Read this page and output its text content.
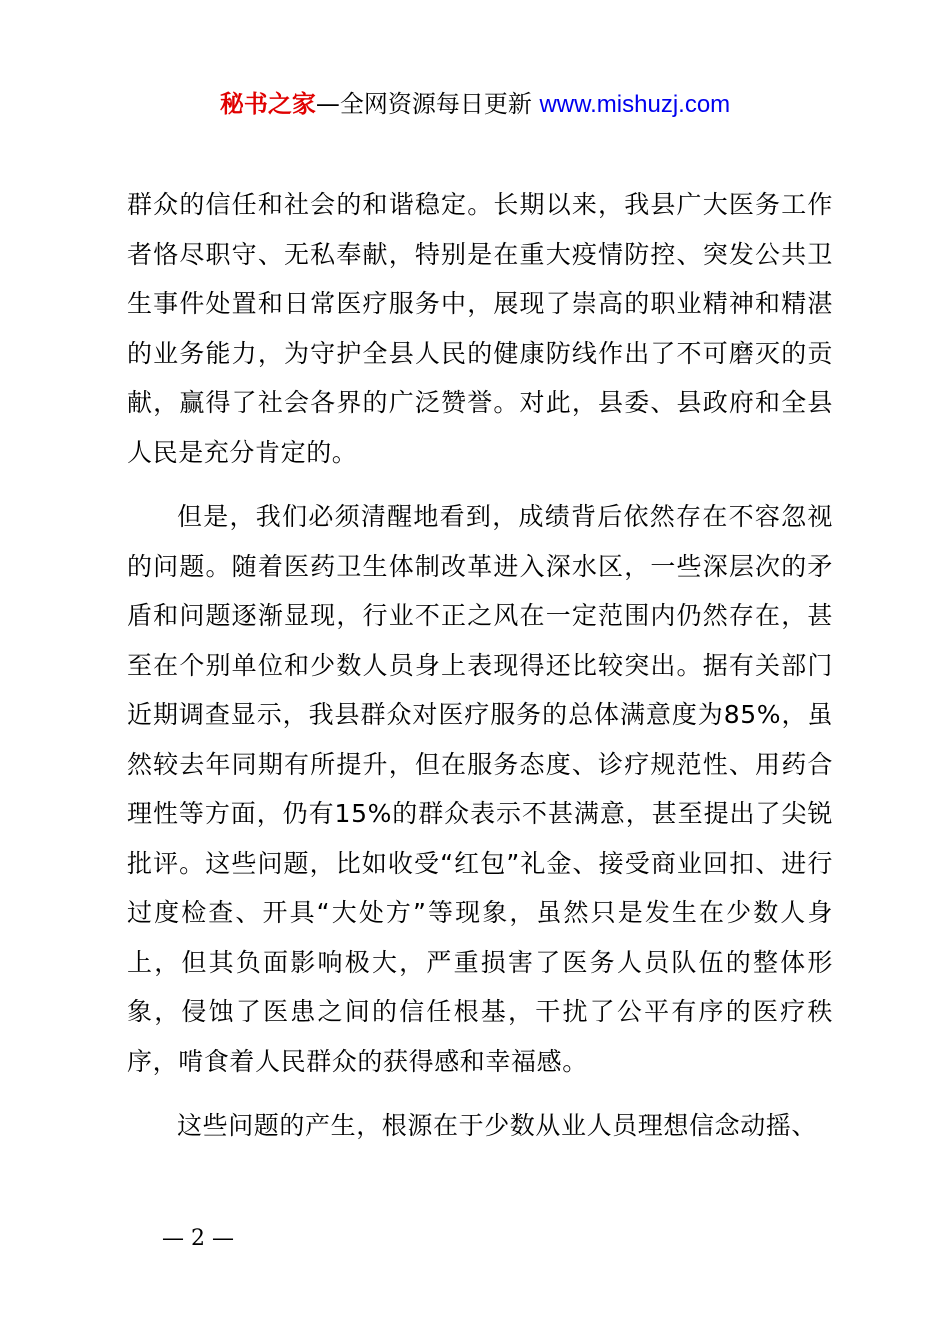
秘书之家—全网资源每日更新 www.mishuzj.com

群众的信任和社会的和谐稳定。长期以来，我县广大医务工作者恪尽职守、无私奉献，特别是在重大疫情防控、突发公共卫生事件处置和日常医疗服务中，展现了崇高的职业精神和精湛的业务能力，为守护全县人民的健康防线作出了不可磨灭的贡献，赢得了社会各界的广泛赞誉。对此，县委、县政府和全县人民是充分肯定的。

但是，我们必须清醒地看到，成绩背后依然存在不容忽视的问题。随着医药卫生体制改革进入深水区，一些深层次的矛盾和问题逐渐显现，行业不正之风在一定范围内仍然存在，甚至在个别单位和少数人员身上表现得还比较突出。据有关部门近期调查显示，我县群众对医疗服务的总体满意度为85%，虽然较去年同期有所提升，但在服务态度、诊疗规范性、用药合理性等方面，仍有15%的群众表示不甚满意，甚至提出了尖锐批评。这些问题，比如收受“红包”礼金、接受商业回扣、进行过度检查、开具“大处方”等现象，虽然只是发生在少数人身上，但其负面影响极大，严重损害了医务人员队伍的整体形象，侵蚀了医患之间的信任根基，干扰了公平有序的医疗秩序，啃食着人民群众的获得感和幸福感。

这些问题的产生，根源在于少数从业人员理想信念动摇、

— 2 —
